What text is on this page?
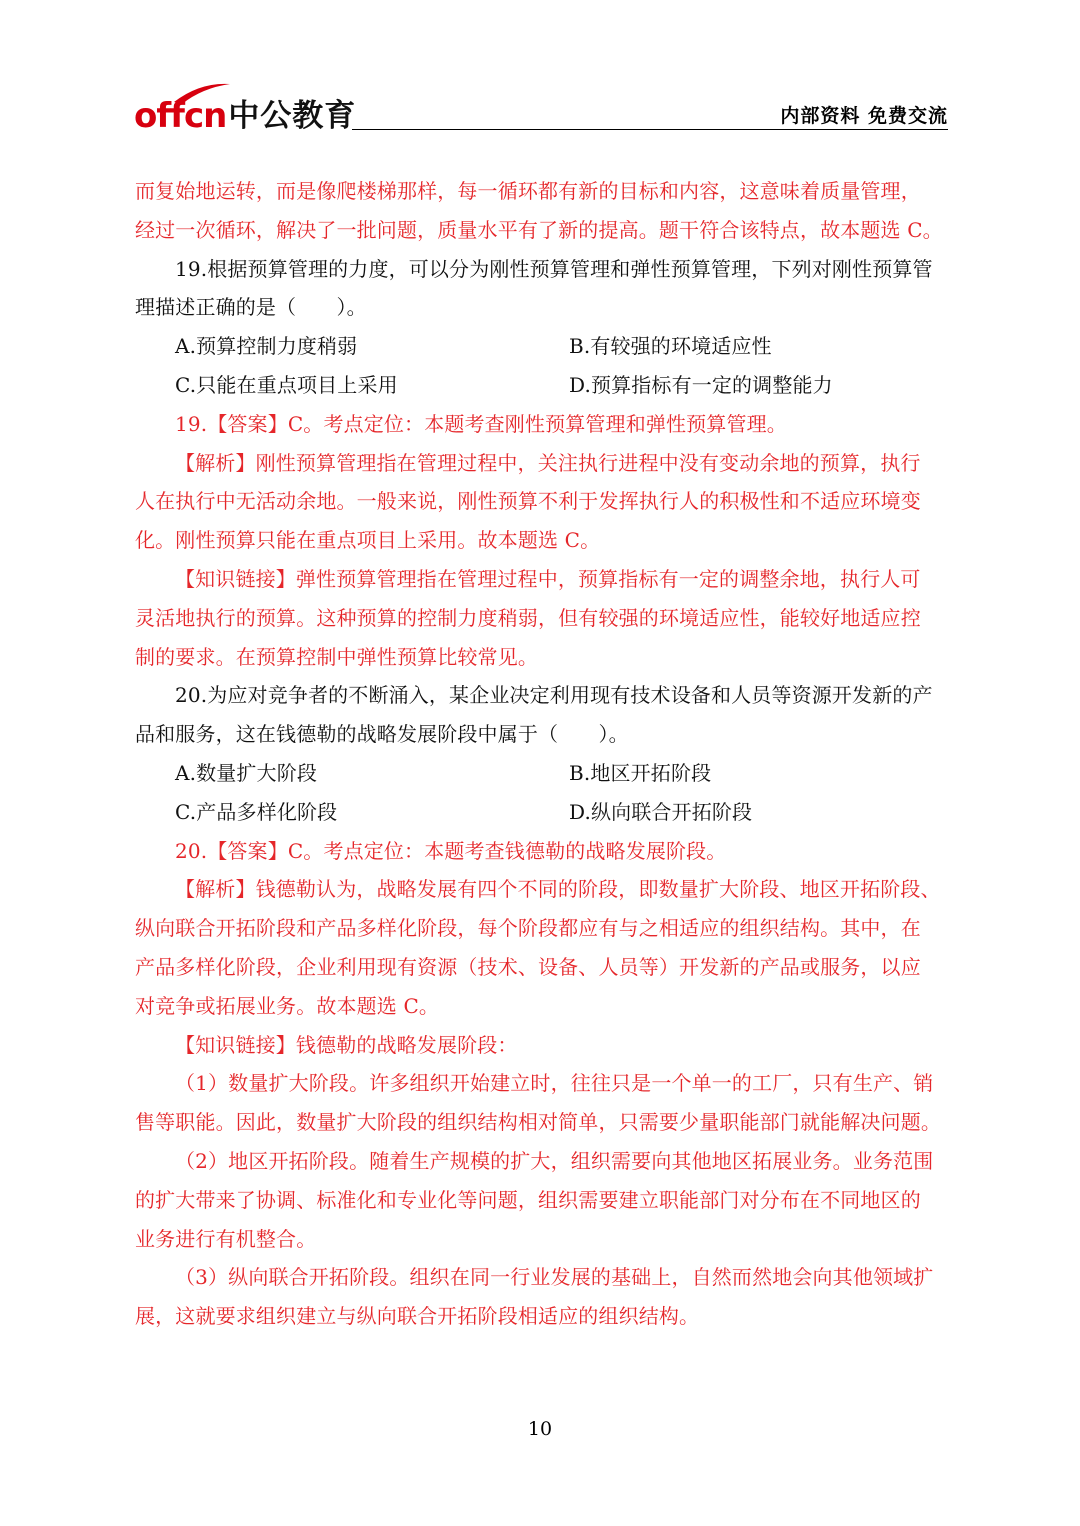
offcn 中公教育	内部资料 免费交流
而复始地运转，而是像爬楼梯那样，每一循环都有新的目标和内容，这意味着质量管理，
经过一次循环，解决了一批问题，质量水平有了新的提高。题干符合该特点，故本题选 C。
19.根据预算管理的力度，可以分为刚性预算管理和弹性预算管理，下列对刚性预算管
理描述正确的是（　　）。
A.预算控制力度稍弱	B.有较强的环境适应性
C.只能在重点项目上采用	D.预算指标有一定的调整能力
19.【答案】C。考点定位：本题考查刚性预算管理和弹性预算管理。
【解析】刚性预算管理指在管理过程中，关注执行进程中没有变动余地的预算，执行
人在执行中无活动余地。一般来说，刚性预算不利于发挥执行人的积极性和不适应环境变
化。刚性预算只能在重点项目上采用。故本题选 C。
【知识链接】弹性预算管理指在管理过程中，预算指标有一定的调整余地，执行人可
灵活地执行的预算。这种预算的控制力度稍弱，但有较强的环境适应性，能较好地适应控
制的要求。在预算控制中弹性预算比较常见。
20.为应对竞争者的不断涌入，某企业决定利用现有技术设备和人员等资源开发新的产
品和服务，这在钱德勒的战略发展阶段中属于（　　）。
A.数量扩大阶段	B.地区开拓阶段
C.产品多样化阶段	D.纵向联合开拓阶段
20.【答案】C。考点定位：本题考查钱德勒的战略发展阶段。
【解析】钱德勒认为，战略发展有四个不同的阶段，即数量扩大阶段、地区开拓阶段、
纵向联合开拓阶段和产品多样化阶段，每个阶段都应有与之相适应的组织结构。其中，在
产品多样化阶段，企业利用现有资源（技术、设备、人员等）开发新的产品或服务，以应
对竞争或拓展业务。故本题选 C。
【知识链接】钱德勒的战略发展阶段：
（1）数量扩大阶段。许多组织开始建立时，往往只是一个单一的工厂，只有生产、销
售等职能。因此，数量扩大阶段的组织结构相对简单，只需要少量职能部门就能解决问题。
（2）地区开拓阶段。随着生产规模的扩大，组织需要向其他地区拓展业务。业务范围
的扩大带来了协调、标准化和专业化等问题，组织需要建立职能部门对分布在不同地区的
业务进行有机整合。
（3）纵向联合开拓阶段。组织在同一行业发展的基础上，自然而然地会向其他领域扩
展，这就要求组织建立与纵向联合开拓阶段相适应的组织结构。
10
